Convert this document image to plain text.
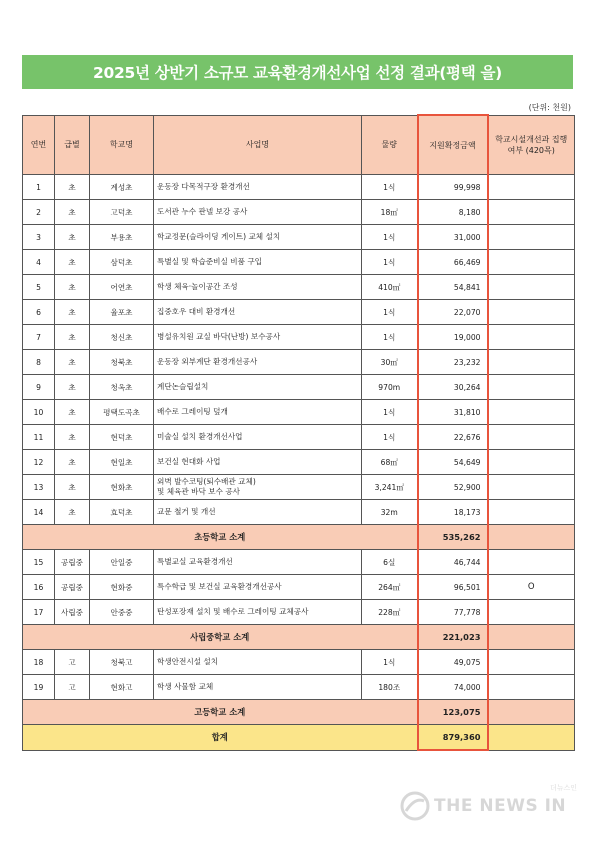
2025년 상반기 소규모 교육환경개선사업 선정 결과(평택 을)
(단위: 천원)
연번	급별	학교명	사업명	물량	지원확정금액	학교시설개선과 집행 여부 (420목)
1	초	계성초	운동장 다목적구장 환경개선	1식	99,998	
2	초	고덕초	도서관 누수 판넬 보강 공사	18㎡	8,180	
3	초	부용초	학교정문(슬라이딩 게이트) 교체 설치	1식	31,000	
4	초	삼덕초	특별실 및 학습준비실 비품 구입	1식	66,469	
5	초	어연초	학생 체육·놀이공간 조성	410㎡	54,841	
6	초	율포초	집중호우 대비 환경개선	1식	22,070	
7	초	청신초	병설유치원 교실 바닥(난방) 보수공사	1식	19,000	
8	초	청북초	운동장 외부계단 환경개선공사	30㎡	23,232	
9	초	청옥초	계단논슬립설치	970m	30,264	
10	초	평택도곡초	배수로 그레이팅 덮개	1식	31,810	
11	초	현덕초	미술실 설치 환경개선사업	1식	22,676	
12	초	현일초	보건실 현대화 사업	68㎡	54,649	
13	초	현화초	외벽 발수코팅(퇴수배관 교체)
및 체육관 바닥 보수 공사	3,241㎡	52,900	
14	초	효덕초	교문 철거 및 개선	32m	18,173	
초등학교 소계					535,262	
15	공립중	안일중	특별교실 교육환경개선	6실	46,744	
16	공립중	현화중	특수학급 및 보건실 교육환경개선공사	264㎡	96,501	O
17	사립중	안중중	탄성포장재 설치 및 배수로 그레이팅 교체공사	228㎡	77,778	
사립중학교 소계					221,023	
18	고	청북고	학생안전시설 설치	1식	49,075	
19	고	현화고	학생 사물함 교체	180조	74,000	
고등학교 소계					123,075	
합계					879,360	
THE NEWS IN
더뉴스인
